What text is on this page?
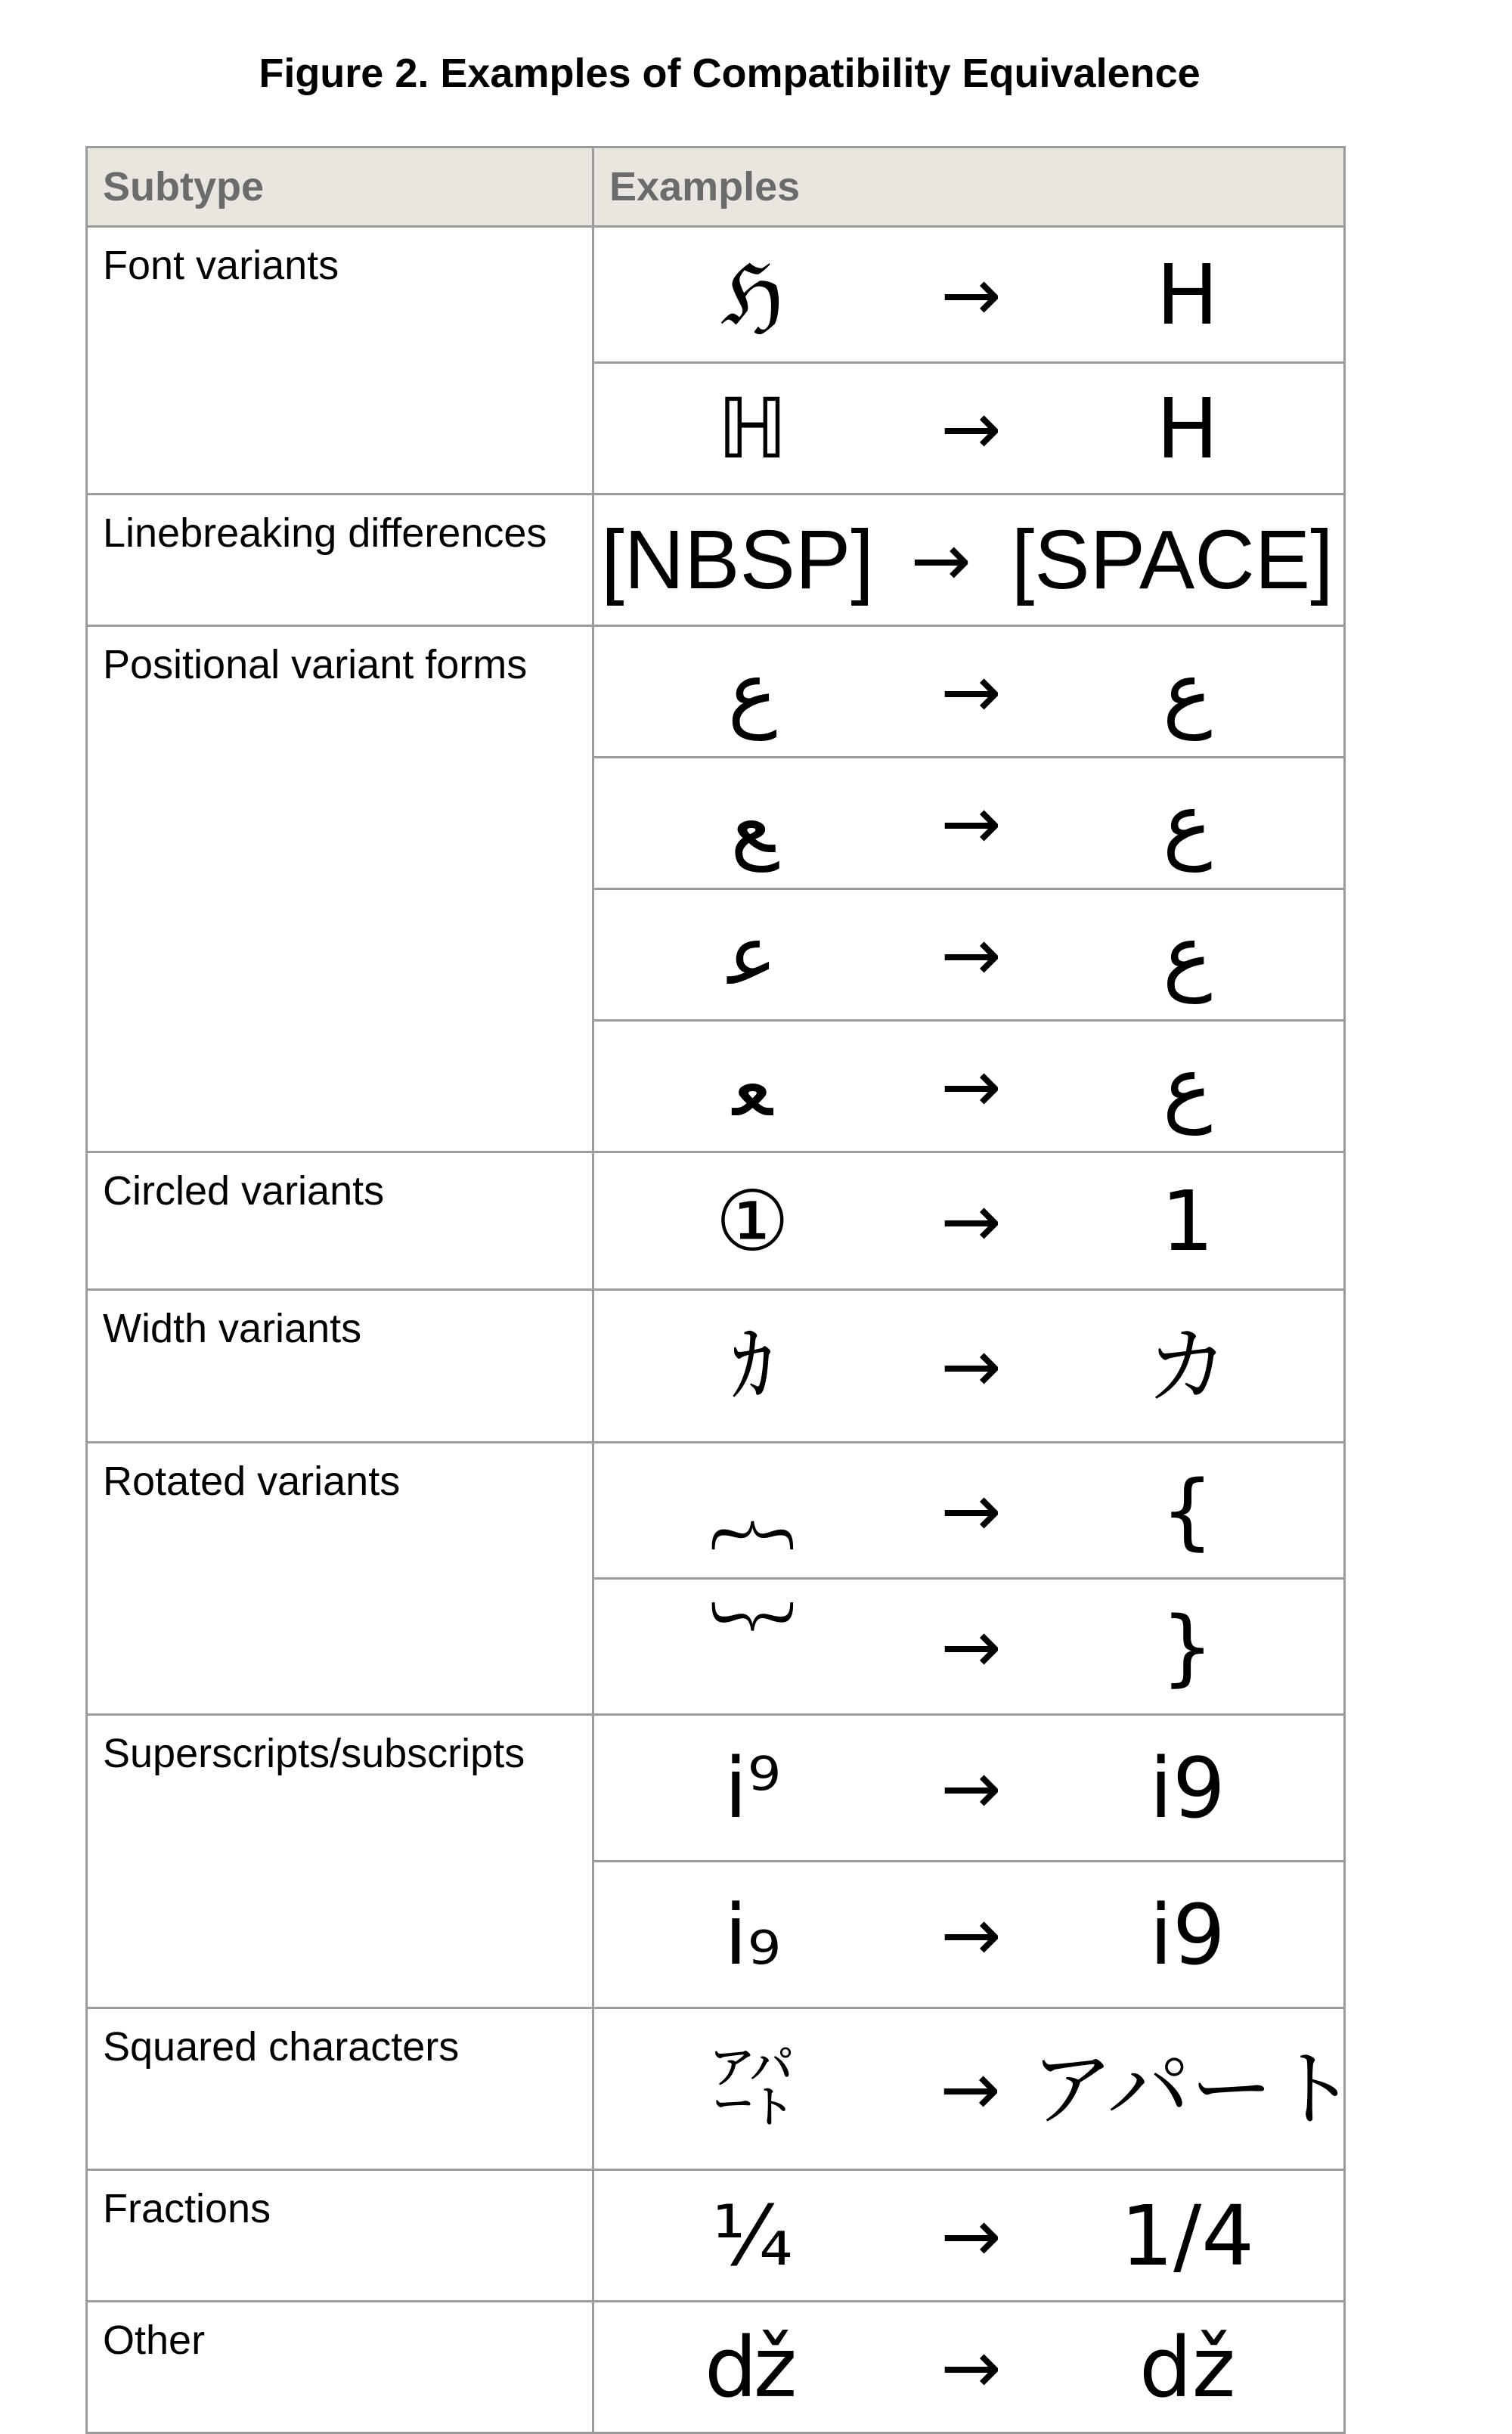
Figure 2. Examples of Compatibility Equivalence
Subtype	Examples
Font variants	ℌ → H

	ℍ → H

Linebreaking differences	[NBSP] → [SPACE]

Positional variant forms	ﻉ → ع

	ﻊ → ع

	ﻋ → ع

	ﻌ → ع

Circled variants	① → 1

Width variants	ｶ → カ

Rotated variants	︷ → {

	︸ → }

Superscripts/subscripts	i⁹ → i9

	i₉ → i9

Squared characters	㌀ → アパート

Fractions	¼ → 1/4

Other	ǆ → dž
